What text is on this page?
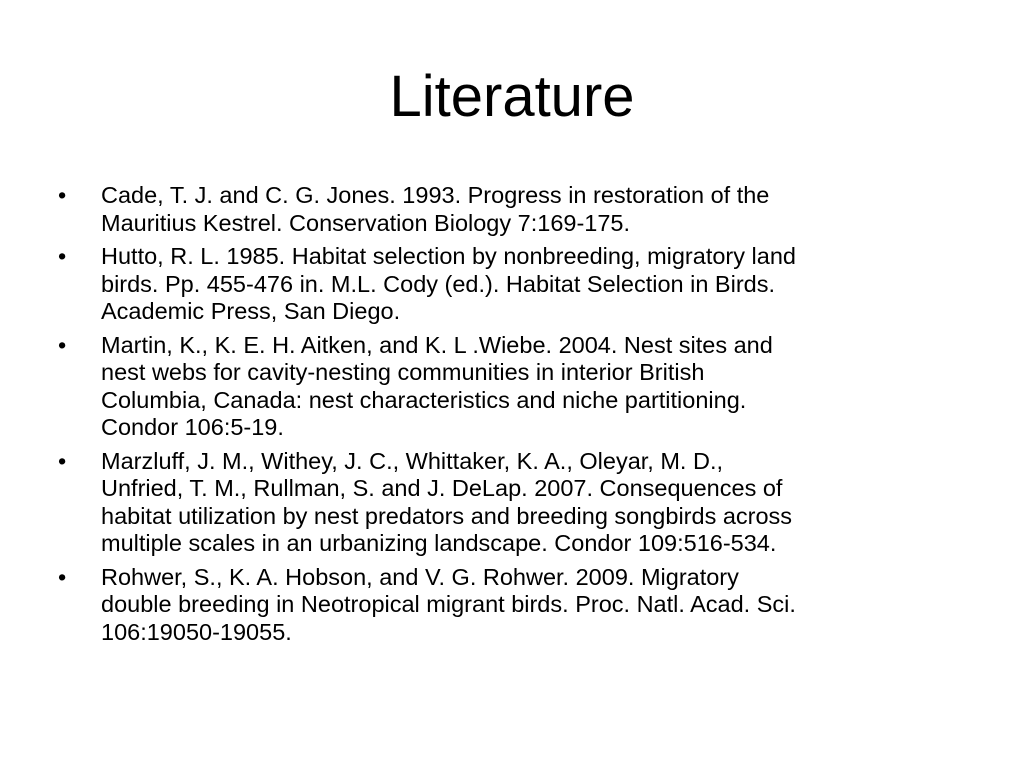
Literature
• Cade, T. J. and C. G. Jones. 1993. Progress in restoration of the
Mauritius Kestrel. Conservation Biology 7:169-175.
• Hutto, R. L. 1985. Habitat selection by nonbreeding, migratory land
birds. Pp. 455-476 in. M.L. Cody (ed.). Habitat Selection in Birds.
Academic Press, San Diego.
• Martin, K., K. E. H. Aitken, and K. L .Wiebe. 2004. Nest sites and
nest webs for cavity-nesting communities in interior British
Columbia, Canada: nest characteristics and niche partitioning.
Condor 106:5-19.
• Marzluff, J. M., Withey, J. C., Whittaker, K. A., Oleyar, M. D.,
Unfried, T. M., Rullman, S. and J. DeLap. 2007. Consequences of
habitat utilization by nest predators and breeding songbirds across
multiple scales in an urbanizing landscape. Condor 109:516-534.
• Rohwer, S., K. A. Hobson, and V. G. Rohwer. 2009. Migratory
double breeding in Neotropical migrant birds. Proc. Natl. Acad. Sci.
106:19050-19055.
